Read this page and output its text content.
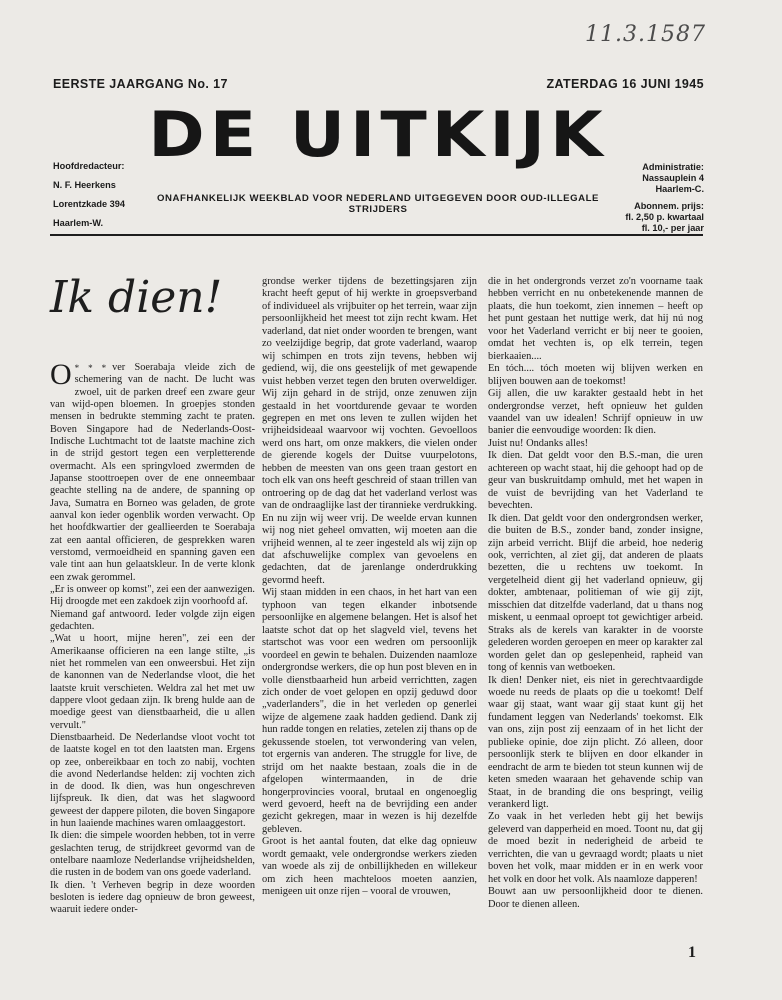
11.3.1587
EERSTE JAARGANG No. 17	ZATERDAG 16 JUNI 1945
DE UITKIJK
ONAFHANKELIJK WEEKBLAD VOOR NEDERLAND UITGEGEVEN DOOR OUD-ILLEGALE STRIJDERS
Hoofdredacteur:
N. F. Heerkens
Lorentzkade 394
Haarlem-W.
Administratie:
Nassauplein 4
Haarlem-C.
Abonnem. prijs:
fl. 2,50 p. kwartaal
fl. 10,- per jaar
Ik dien!
* * *
O	ver Soerabaja vleide zich de schemering van de nacht. De lucht was zwoel, uit de parken dreef een zware geur van wijd-open bloemen. In groepjes stonden mensen in bedrukte stemming zacht te praten. Boven Singapore had de Nederlands-Oost-Indische Luchtmacht tot de laatste machine zich in de strijd gestort tegen een verpletterende overmacht. Als een springvloed zwermden de Japanse stoottroepen over de ene onneembaar geachte stelling na de andere, de spanning op Java, Sumatra en Borneo was geladen, de grote aanval kon ieder ogenblik worden verwacht. Op het hoofdkwartier der geallieerden te Soerabaja zat een aantal officieren, de gesprekken waren verstomd, vermoeidheid en spanning gaven een vale tint aan hun gelaatskleur. In de verte klonk een zwak gerommel.
„Er is onweer op komst", zei een der aanwezigen. Hij droogde met een zakdoek zijn voorhoofd af.
Niemand gaf antwoord. Ieder volgde zijn eigen gedachten.
„Wat u hoort, mijne heren", zei een der Amerikaanse officieren na een lange stilte, „is niet het rommelen van een onweersbui. Het zijn de kanonnen van de Nederlandse vloot, die het laatste kruit verschieten. Weldra zal het met uw dappere vloot gedaan zijn. Ik breng hulde aan de moedige geest van dienstbaarheid, die u allen vervult."
Dienstbaarheid. De Nederlandse vloot vocht tot de laatste kogel en tot den laatsten man. Ergens op zee, onbereikbaar en toch zo nabij, vochten die avond Nederlandse helden: zij vochten zich in de dood. Ik dien, was hun ongeschreven lijfspreuk. Ik dien, dat was het slagwoord geweest der dappere piloten, die boven Singapore in hun laaiende machines waren omlaaggestort.
Ik dien: die simpele woorden hebben, tot in verre geslachten terug, de strijdkreet gevormd van de ontelbare naamloze Nederlandse vrijheidshelden, die rusten in de bodem van ons goede vaderland.
Ik dien. 't Verheven begrip in deze woorden besloten is iedere dag opnieuw de bron geweest, waaruit iedere onder-
grondse werker tijdens de bezettingsjaren zijn kracht heeft geput of hij werkte in groepsverband of individueel als vrijbuiter op het terrein, waar zijn persoonlijkheid het meest tot zijn recht kwam. Het vaderland, dat niet onder woorden te brengen, want zo veelzijdige begrip, dat grote vaderland, waarop wij schimpen en trots zijn tevens, hebben wij gediend, wij, die ons geestelijk of met gewapende vuist hebben verzet tegen den bruten overweldiger. Wij zijn gehard in de strijd, onze zenuwen zijn gestaald in het voortdurende gevaar te worden gegrepen en met ons leven te zullen wijden het vrijheidsideaal waarvoor wij vochten. Gevoelloos werd ons hart, om onze makkers, die vielen onder de gierende kogels der Duitse vuurpelotons, hebben de meesten van ons geen traan gestort en toch elk van ons heeft geschreid of staan trillen van ontroering op de dag dat het vaderland verlost was van de ondraaglijke last der tirannieke verdrukking.
En nu zijn wij weer vrij. De weelde ervan kunnen wij nog niet geheel omvatten, wij moeten aan die vrijheid wennen, al te zeer ingesteld als wij zijn op dat afschuwelijke complex van gevoelens en gedachten, dat de jarenlange onderdrukking gevormd heeft.
Wij staan midden in een chaos, in het hart van een typhoon van tegen elkander inbotsende persoonlijke en algemene belangen. Het is alsof het laatste schot dat op het slagveld viel, tevens het startschot was voor een wedren om persoonlijk voordeel en gewin te behalen. Duizenden naamloze ondergrondse werkers, die op hun post bleven en in volle dienstbaarheid hun arbeid verrichtten, zagen zich onder de voet gelopen en opzij geduwd door „vaderlanders", die in het verleden op generlei wijze de algemene zaak hadden gediend. Dank zij hun radde tongen en relaties, zetelen zij thans op de gekussende stoelen, tot verwondering van velen, tot ergernis van anderen. The struggle for live, de strijd om het naakte bestaan, zoals die in de afgelopen wintermaanden, in de drie hongerprovincies vooral, brutaal en ongenoeglig werd gevoerd, heeft na de bevrijding een ander gezicht gekregen, maar in wezen is hij dezelfde gebleven.
Groot is het aantal fouten, dat elke dag opnieuw wordt gemaakt, vele ondergrondse werkers zieden van woede als zij de onbillijkheden en willekeur om zich heen machteloos moeten aanzien, menigeen uit onze rijen – vooral de vrouwen,
die in het ondergronds verzet zo'n voorname taak hebben verricht en nu onbetekenende mannen de plaats, die hun toekomt, zien innemen – heeft op het punt gestaan het nuttige werk, dat hij nú nog voor het Vaderland verricht er bij neer te gooien, omdat het vechten is, op elk terrein, tegen bierkaaien....
En tóch.... tóch moeten wij blijven werken en blijven bouwen aan de toekomst!
Gij allen, die uw karakter gestaald hebt in het ondergrondse verzet, heft opnieuw het gulden vaandel van uw idealen! Schrijf opnieuw in uw banier die eenvoudige woorden: Ik dien.
Juist nu! Ondanks alles!
Ik dien. Dat geldt voor den B.S.-man, die uren achtereen op wacht staat, hij die gehoopt had op de geur van buskruitdamp omhuld, met het wapen in de vuist de bevrijding van het Vaderland te bevechten.
Ik dien. Dat geldt voor den ondergrondsen werker, die buiten de B.S., zonder band, zonder insigne, zijn arbeid verricht. Blijf die arbeid, hoe nederig ook, verrichten, al ziet gij, dat anderen de plaats bezetten, die u rechtens uw toekomt. In vergetelheid dient gij het vaderland opnieuw, gij dokter, ambtenaar, politieman of wie gij zijt, misschien dat ditzelfde vaderland, dat u thans nog miskent, u eenmaal oproept tot gewichtiger arbeid. Straks als de kerels van karakter in de voorste gelederen worden geroepen en meer op karakter zal worden gelet dan op geslepenheid, rapheid van tong of kennis van wetboeken.
Ik dien! Denker niet, eis niet in gerechtvaardigde woede nu reeds de plaats op die u toekomt! Delf waar gij staat, want waar gij staat kunt gij het fundament leggen van Nederlands' toekomst. Elk van ons, zijn post zij eenzaam of in het licht der publieke opinie, doe zijn plicht. Zó alleen, door persoonlijk sterk te blijven en door elkander in eendracht de arm te bieden tot steun kunnen wij de keten smeden waaraan het gehavende schip van Staat, in de branding die ons bespringt, veilig verankerd ligt.
Zo vaak in het verleden hebt gij het bewijs geleverd van dapperheid en moed. Toont nu, dat gij de moed bezit in nederigheid de arbeid te verrichten, die van u gevraagd wordt; plaats u niet boven het volk, maar midden er in en werk voor het volk en door het volk. Als naamloze dapperen!
Bouwt aan uw persoonlijkheid door te dienen. Door te dienen alleen.
1
